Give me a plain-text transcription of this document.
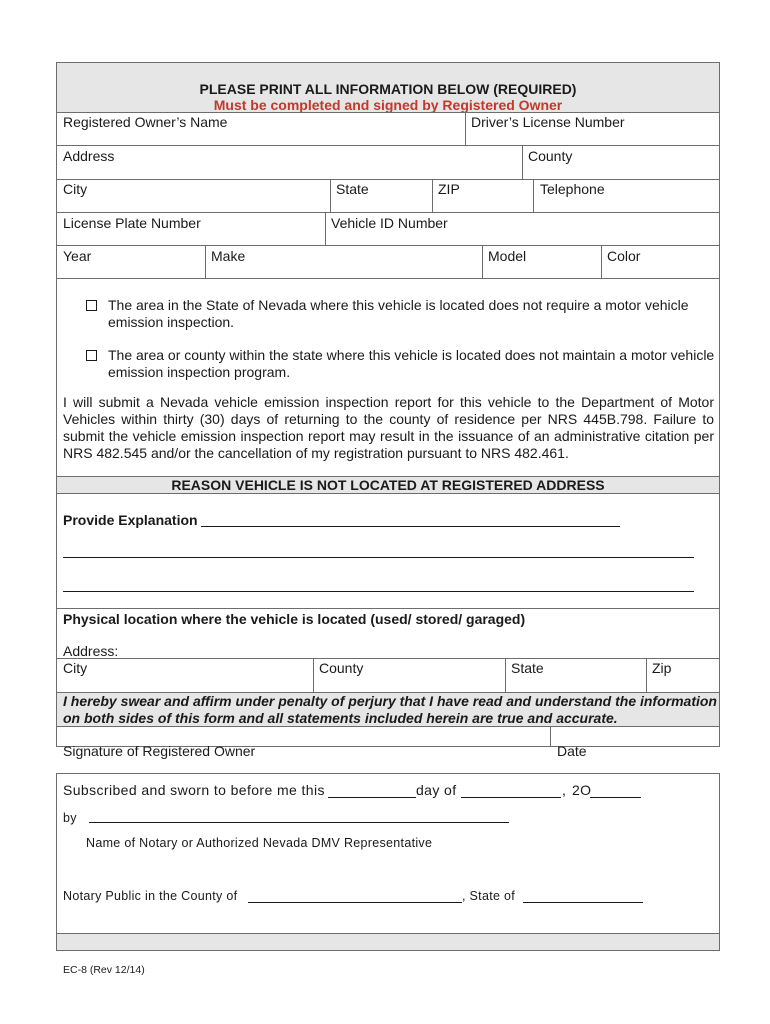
PLEASE PRINT ALL INFORMATION BELOW (REQUIRED)
Must be completed and signed by Registered Owner
Registered Owner’s Name	Driver’s License Number
Address	County
City	State	ZIP	Telephone
License Plate Number	Vehicle ID Number
Year	Make	Model	Color
The area in the State of Nevada where this vehicle is located does not require a motor vehicle
emission inspection.
The area or county within the state where this vehicle is located does not maintain a motor vehicle
emission inspection program.
I will submit a Nevada vehicle emission inspection report for this vehicle to the Department of Motor Vehicles within thirty (30) days of returning to the county of residence per NRS 445B.798. Failure to submit the vehicle emission inspection report may result in the issuance of an administrative citation per NRS 482.545 and/or the cancellation of my registration pursuant to NRS 482.461.
REASON VEHICLE IS NOT LOCATED AT REGISTERED ADDRESS
Provide Explanation
Physical location where the vehicle is located (used/ stored/ garaged)
Address:
City	County	State	Zip
I hereby swear and affirm under penalty of perjury that I have read and understand the information
on both sides of this form and all statements included herein are true and accurate.
Signature of Registered Owner	Date
Subscribed and sworn to before me this	day of	, 2O
by
Name of Notary or Authorized Nevada DMV Representative
Notary Public in the County of	, State of
EC-8 (Rev 12/14)
